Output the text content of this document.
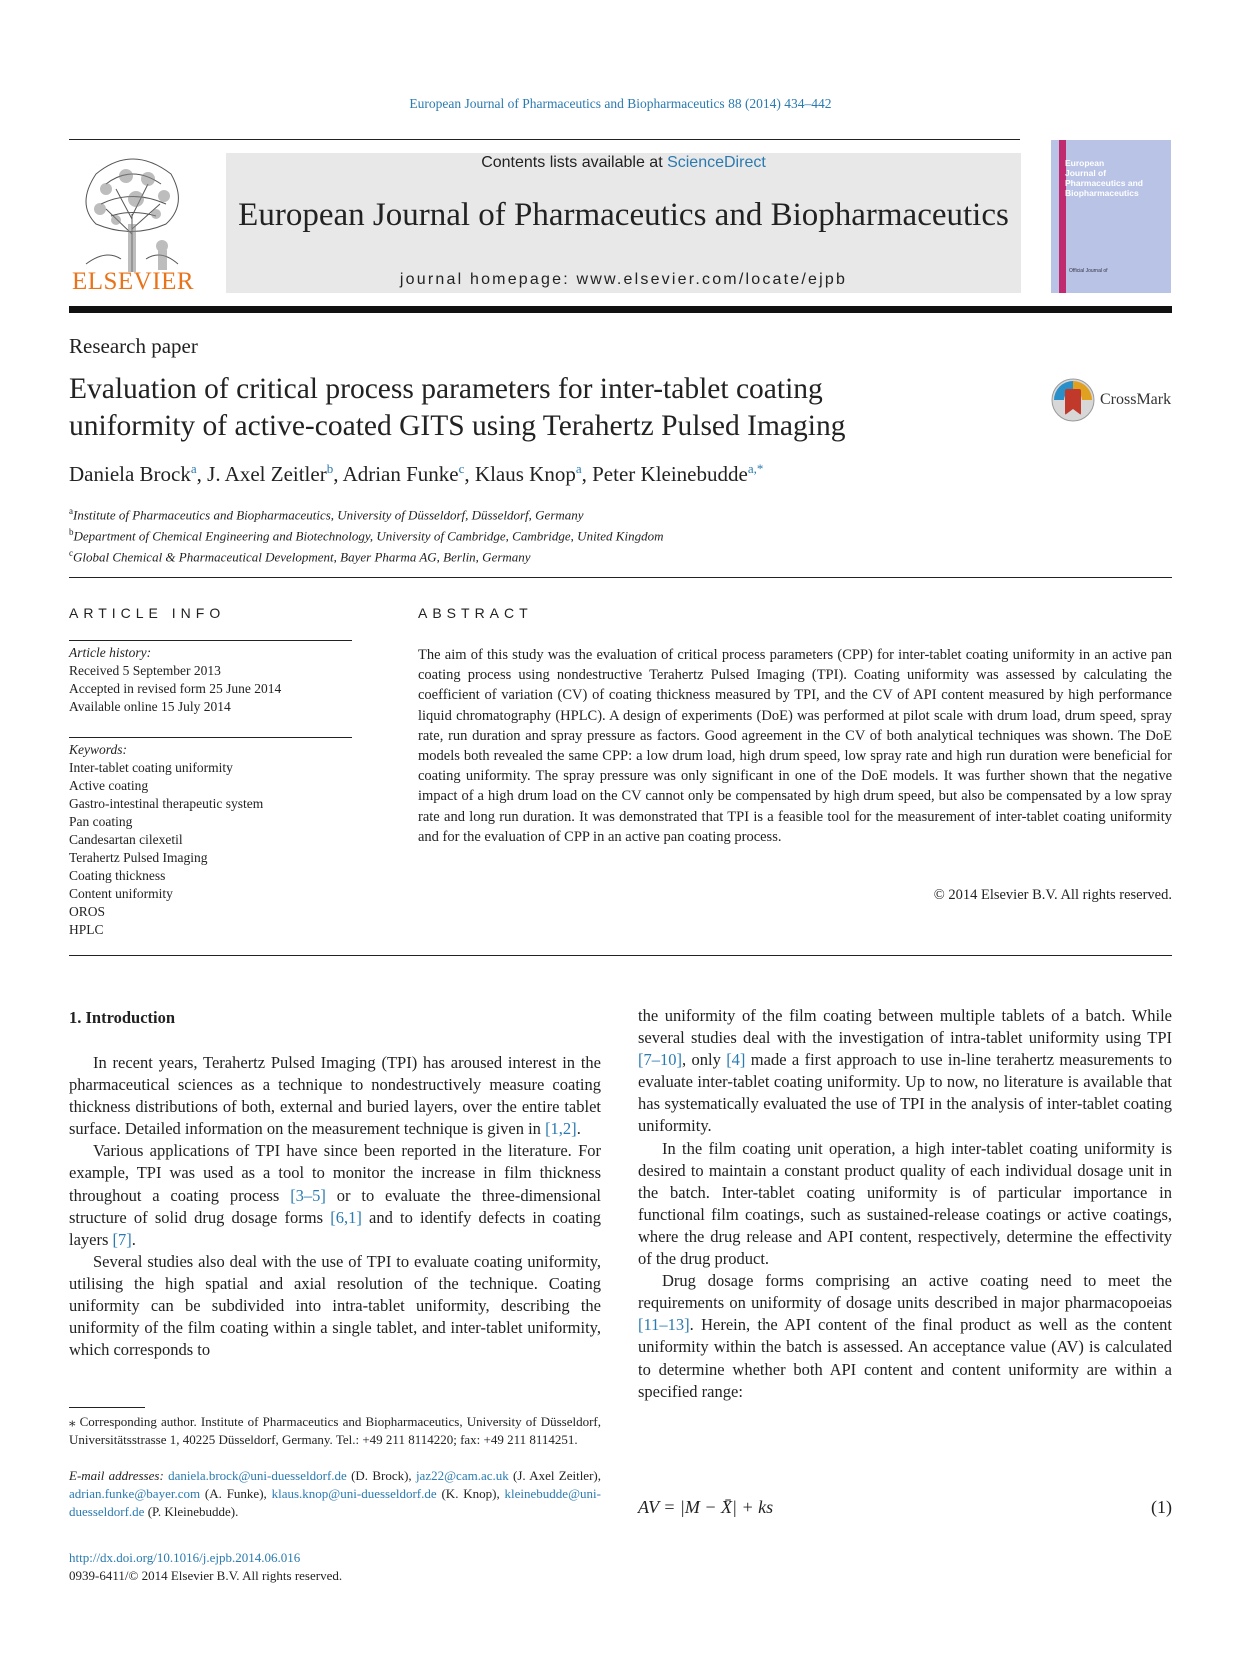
European Journal of Pharmaceutics and Biopharmaceutics 88 (2014) 434–442
ELSEVIER
Contents lists available at ScienceDirect
European Journal of Pharmaceutics and Biopharmaceutics
journal homepage: www.elsevier.com/locate/ejpb
European
Journal of
Pharmaceutics and
Biopharmaceutics
Official Journal of
Research paper
Evaluation of critical process parameters for inter-tablet coating
uniformity of active-coated GITS using Terahertz Pulsed Imaging
CrossMark
Daniela Brock$^a$, J. Axel Zeitler$^b$, Adrian Funke$^c$, Klaus Knop$^a$, Peter Kleinebudde$^{a,*}$
$^a$Institute of Pharmaceutics and Biopharmaceutics, University of Düsseldorf, Düsseldorf, Germany
$^b$Department of Chemical Engineering and Biotechnology, University of Cambridge, Cambridge, United Kingdom
$^c$Global Chemical & Pharmaceutical Development, Bayer Pharma AG, Berlin, Germany
ARTICLE INFO
Article history:
Received 5 September 2013
Accepted in revised form 25 June 2014
Available online 15 July 2014
Keywords:
Inter-tablet coating uniformity
Active coating
Gastro-intestinal therapeutic system
Pan coating
Candesartan cilexetil
Terahertz Pulsed Imaging
Coating thickness
Content uniformity
OROS
HPLC
ABSTRACT
The aim of this study was the evaluation of critical process parameters (CPP) for inter-tablet coating uniformity in an active pan coating process using nondestructive Terahertz Pulsed Imaging (TPI). Coating uniformity was assessed by calculating the coefficient of variation (CV) of coating thickness measured by TPI, and the CV of API content measured by high performance liquid chromatography (HPLC). A design of experiments (DoE) was performed at pilot scale with drum load, drum speed, spray rate, run duration and spray pressure as factors. Good agreement in the CV of both analytical techniques was shown. The DoE models both revealed the same CPP: a low drum load, high drum speed, low spray rate and high run duration were beneficial for coating uniformity. The spray pressure was only significant in one of the DoE models. It was further shown that the negative impact of a high drum load on the CV cannot only be compensated by high drum speed, but also be compensated by a low spray rate and long run duration. It was demonstrated that TPI is a feasible tool for the measurement of inter-tablet coating uniformity and for the evaluation of CPP in an active pan coating process.
© 2014 Elsevier B.V. All rights reserved.
1. Introduction

In recent years, Terahertz Pulsed Imaging (TPI) has aroused interest in the pharmaceutical sciences as a technique to nondestructively measure coating thickness distributions of both, external and buried layers, over the entire tablet surface. Detailed information on the measurement technique is given in [1,2].

Various applications of TPI have since been reported in the literature. For example, TPI was used as a tool to monitor the increase in film thickness throughout a coating process [3–5] or to evaluate the three-dimensional structure of solid drug dosage forms [6,1] and to identify defects in coating layers [7].

Several studies also deal with the use of TPI to evaluate coating uniformity, utilising the high spatial and axial resolution of the technique. Coating uniformity can be subdivided into intra-tablet uniformity, describing the uniformity of the film coating within a single tablet, and inter-tablet uniformity, which corresponds to

⁎ Corresponding author. Institute of Pharmaceutics and Biopharmaceutics, University of Düsseldorf, Universitätsstrasse 1, 40225 Düsseldorf, Germany. Tel.: +49 211 8114220; fax: +49 211 8114251.
E-mail addresses: daniela.brock@uni-duesseldorf.de (D. Brock), jaz22@cam.ac.uk (J. Axel Zeitler), adrian.funke@bayer.com (A. Funke), klaus.knop@uni-duesseldorf.de (K. Knop), kleinebudde@uni-duesseldorf.de (P. Kleinebudde).
http://dx.doi.org/10.1016/j.ejpb.2014.06.016
0939-6411/© 2014 Elsevier B.V. All rights reserved.

the uniformity of the film coating between multiple tablets of a batch. While several studies deal with the investigation of intra-tablet uniformity using TPI [7–10], only [4] made a first approach to use in-line terahertz measurements to evaluate inter-tablet coating uniformity. Up to now, no literature is available that has systematically evaluated the use of TPI in the analysis of inter-tablet coating uniformity.

In the film coating unit operation, a high inter-tablet coating uniformity is desired to maintain a constant product quality of each individual dosage unit in the batch. Inter-tablet coating uniformity is of particular importance in functional film coatings, such as sustained-release coatings or active coatings, where the drug release and API content, respectively, determine the effectivity of the drug product.

Drug dosage forms comprising an active coating need to meet the requirements on uniformity of dosage units described in major pharmacopoeias [11–13]. Herein, the API content of the final product as well as the content uniformity within the batch is assessed. An acceptance value (AV) is calculated to determine whether both API content and content uniformity are within a specified range:

AV = |M − X̄| + ks	(1)
